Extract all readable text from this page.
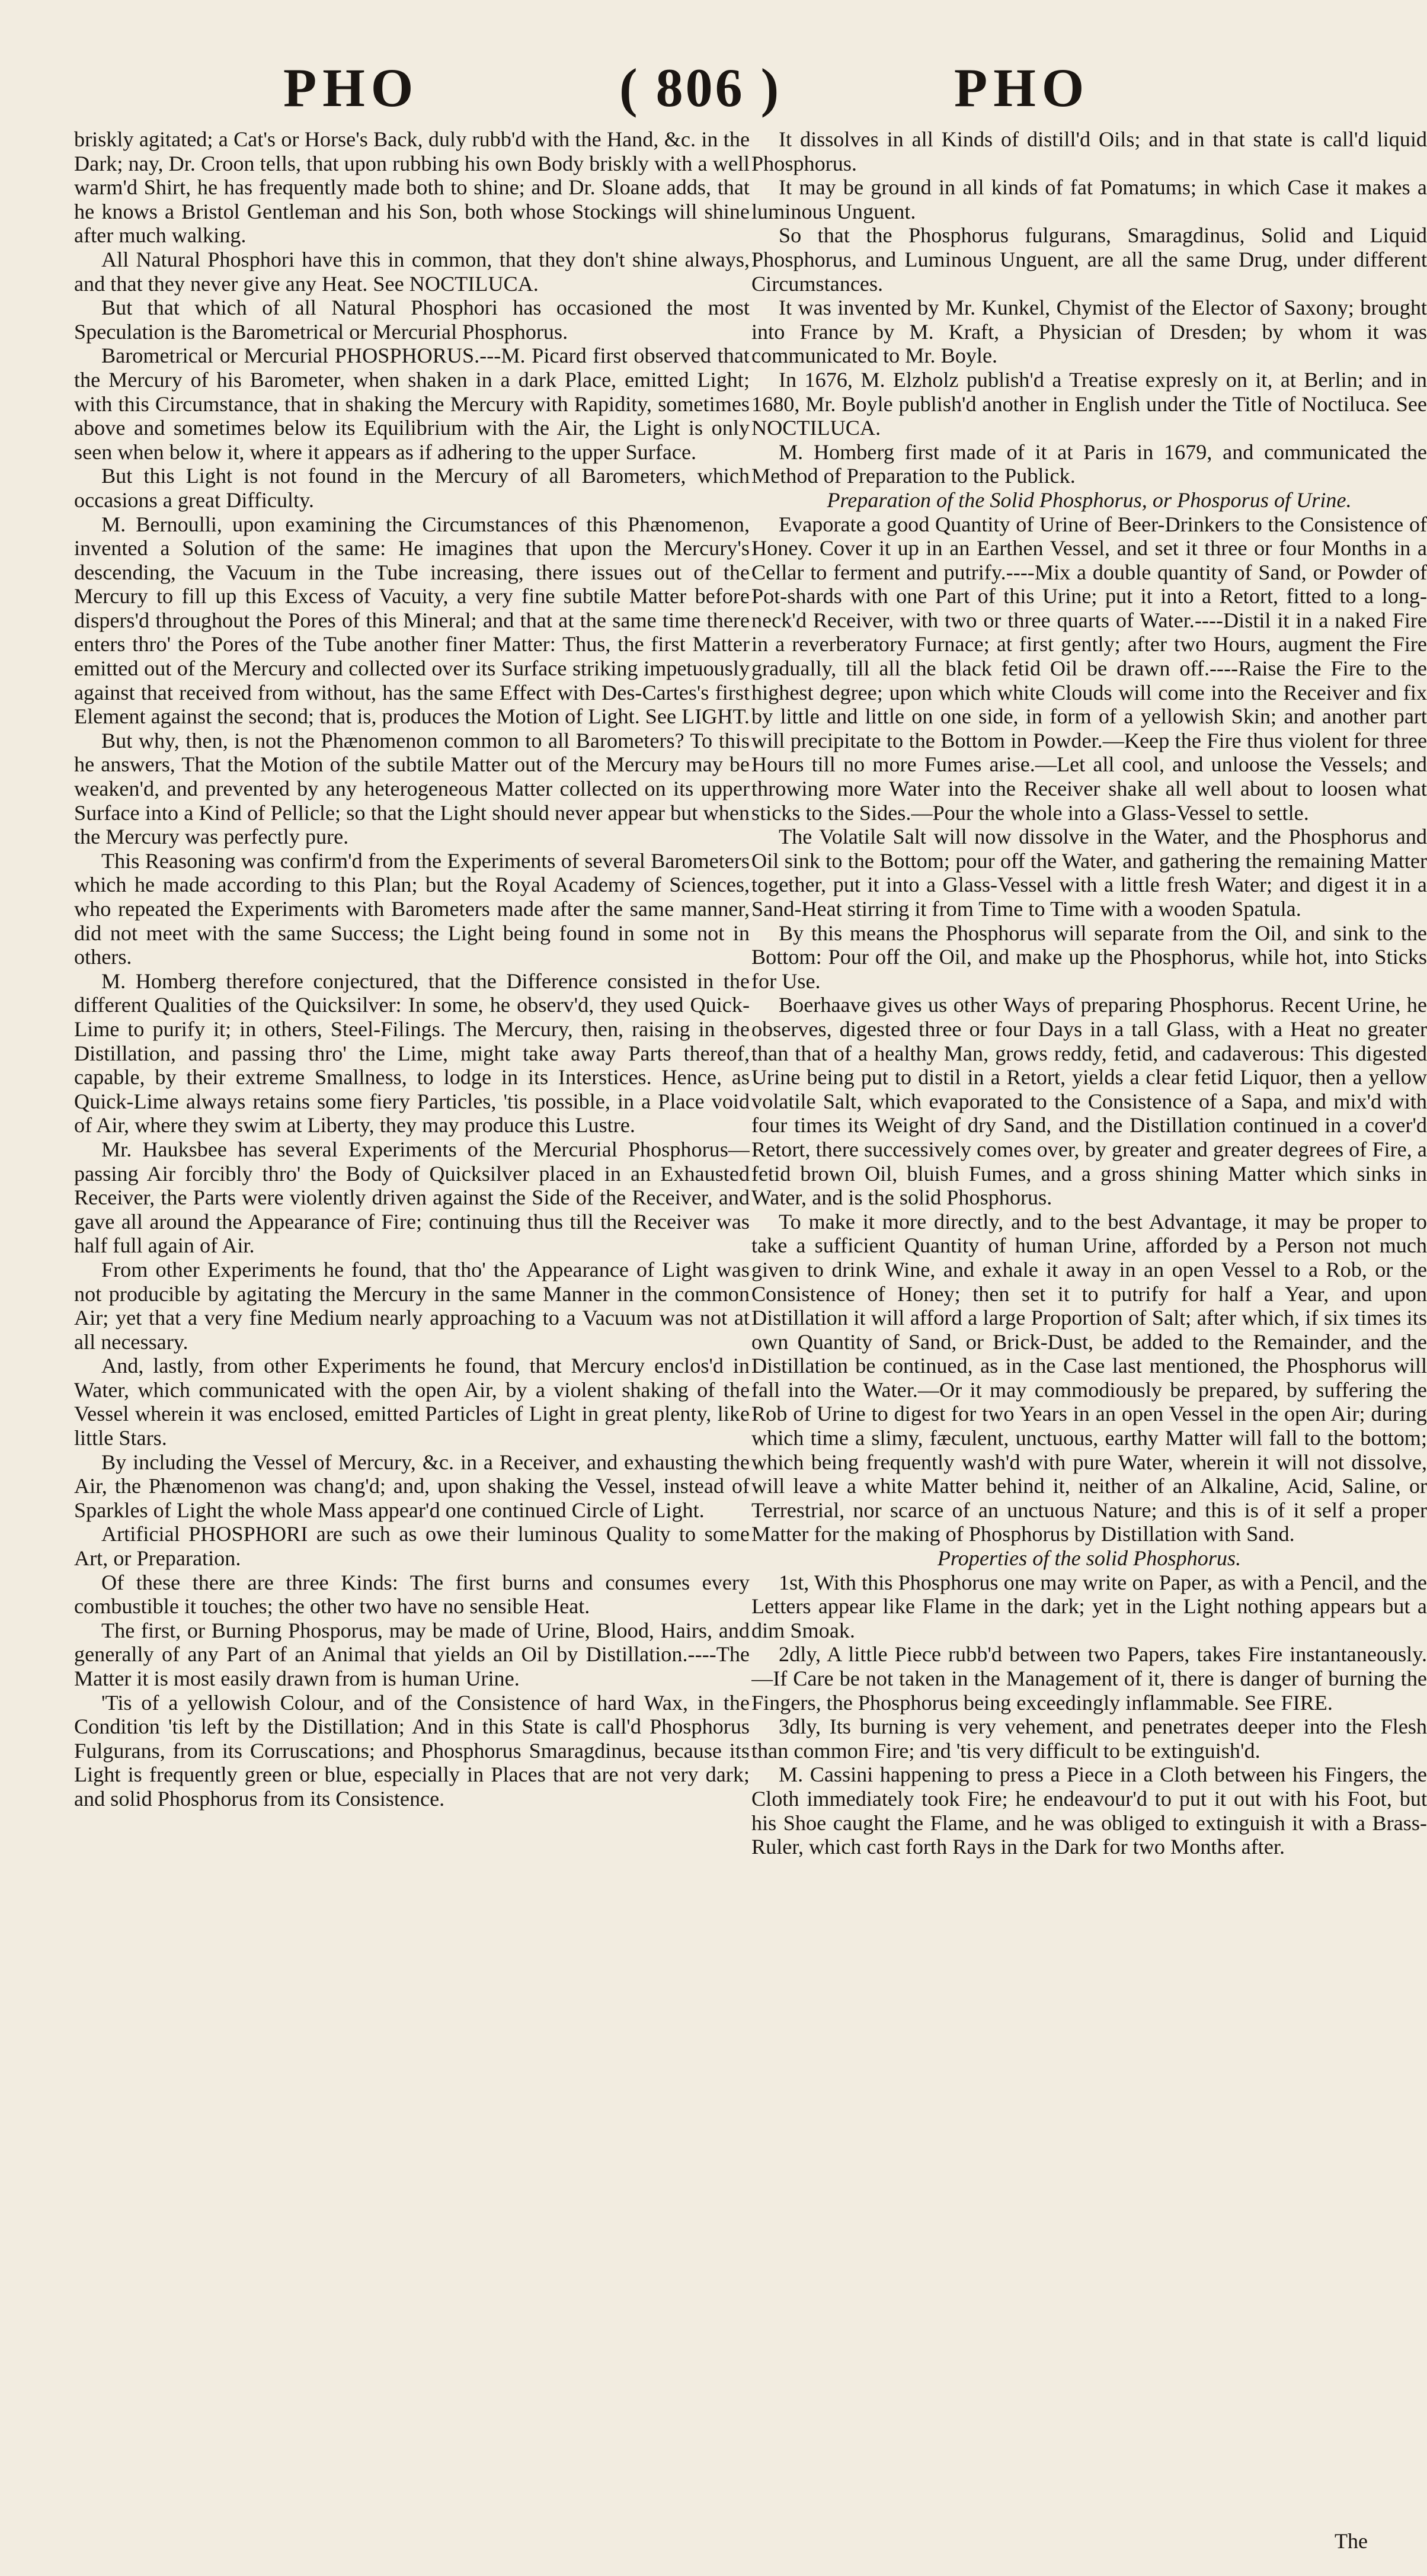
PHO	( 806 )	PHO

briskly agitated; a Cat's or Horse's Back, duly rubb'd with the Hand, &c. in the Dark; nay, Dr. Croon tells, that upon rubbing his own Body briskly with a well warm'd Shirt, he has frequently made both to shine; and Dr. Sloane adds, that he knows a Bristol Gentleman and his Son, both whose Stockings will shine after much walking.

All Natural Phosphori have this in common, that they don't shine always, and that they never give any Heat. See NOCTILUCA.

But that which of all Natural Phosphori has occasioned the most Speculation is the Barometrical or Mercurial Phosphorus.

Barometrical or Mercurial PHOSPHORUS.---M. Picard first observed that the Mercury of his Barometer, when shaken in a dark Place, emitted Light; with this Circumstance, that in shaking the Mercury with Rapidity, sometimes above and sometimes below its Equilibrium with the Air, the Light is only seen when below it, where it appears as if adhering to the upper Surface.

But this Light is not found in the Mercury of all Barometers, which occasions a great Difficulty.

M. Bernoulli, upon examining the Circumstances of this Phænomenon, invented a Solution of the same: He imagines that upon the Mercury's descending, the Vacuum in the Tube increasing, there issues out of the Mercury to fill up this Excess of Vacuity, a very fine subtile Matter before dispers'd throughout the Pores of this Mineral; and that at the same time there enters thro' the Pores of the Tube another finer Matter: Thus, the first Matter emitted out of the Mercury and collected over its Surface striking impetuously against that received from without, has the same Effect with Des-Cartes's first Element against the second; that is, produces the Motion of Light. See LIGHT.

But why, then, is not the Phænomenon common to all Barometers? To this he answers, That the Motion of the subtile Matter out of the Mercury may be weaken'd, and prevented by any heterogeneous Matter collected on its upper Surface into a Kind of Pellicle; so that the Light should never appear but when the Mercury was perfectly pure.

This Reasoning was confirm'd from the Experiments of several Barometers which he made according to this Plan; but the Royal Academy of Sciences, who repeated the Experiments with Barometers made after the same manner, did not meet with the same Success; the Light being found in some not in others.

M. Homberg therefore conjectured, that the Difference consisted in the different Qualities of the Quicksilver: In some, he observ'd, they used Quick-Lime to purify it; in others, Steel-Filings. The Mercury, then, raising in the Distillation, and passing thro' the Lime, might take away Parts thereof, capable, by their extreme Smallness, to lodge in its Interstices. Hence, as Quick-Lime always retains some fiery Particles, 'tis possible, in a Place void of Air, where they swim at Liberty, they may produce this Lustre.

Mr. Hauksbee has several Experiments of the Mercurial Phosphorus—passing Air forcibly thro' the Body of Quicksilver placed in an Exhausted Receiver, the Parts were violently driven against the Side of the Receiver, and gave all around the Appearance of Fire; continuing thus till the Receiver was half full again of Air.

From other Experiments he found, that tho' the Appearance of Light was not producible by agitating the Mercury in the same Manner in the common Air; yet that a very fine Medium nearly approaching to a Vacuum was not at all necessary.

And, lastly, from other Experiments he found, that Mercury enclos'd in Water, which communicated with the open Air, by a violent shaking of the Vessel wherein it was enclosed, emitted Particles of Light in great plenty, like little Stars.

By including the Vessel of Mercury, &c. in a Receiver, and exhausting the Air, the Phænomenon was chang'd; and, upon shaking the Vessel, instead of Sparkles of Light the whole Mass appear'd one continued Circle of Light.

Artificial PHOSPHORI are such as owe their luminous Quality to some Art, or Preparation.

Of these there are three Kinds: The first burns and consumes every combustible it touches; the other two have no sensible Heat.

The first, or Burning Phosporus, may be made of Urine, Blood, Hairs, and generally of any Part of an Animal that yields an Oil by Distillation.----The Matter it is most easily drawn from is human Urine.

'Tis of a yellowish Colour, and of the Consistence of hard Wax, in the Condition 'tis left by the Distillation; And in this State is call'd Phosphorus Fulgurans, from its Corruscations; and Phosphorus Smaragdinus, because its Light is frequently green or blue, especially in Places that are not very dark; and solid Phosphorus from its Consistence.

It dissolves in all Kinds of distill'd Oils; and in that state is call'd liquid Phosphorus.

It may be ground in all kinds of fat Pomatums; in which Case it makes a luminous Unguent.

So that the Phosphorus fulgurans, Smaragdinus, Solid and Liquid Phosphorus, and Luminous Unguent, are all the same Drug, under different Circumstances.

It was invented by Mr. Kunkel, Chymist of the Elector of Saxony; brought into France by M. Kraft, a Physician of Dresden; by whom it was communicated to Mr. Boyle.

In 1676, M. Elzholz publish'd a Treatise expresly on it, at Berlin; and in 1680, Mr. Boyle publish'd another in English under the Title of Noctiluca. See NOCTILUCA.

M. Homberg first made of it at Paris in 1679, and communicated the Method of Preparation to the Publick.

Preparation of the Solid Phosphorus, or Phosporus of Urine.

Evaporate a good Quantity of Urine of Beer-Drinkers to the Consistence of Honey. Cover it up in an Earthen Vessel, and set it three or four Months in a Cellar to ferment and putrify.----Mix a double quantity of Sand, or Powder of Pot-shards with one Part of this Urine; put it into a Retort, fitted to a long-neck'd Receiver, with two or three quarts of Water.----Distil it in a naked Fire in a reverberatory Furnace; at first gently; after two Hours, augment the Fire gradually, till all the black fetid Oil be drawn off.----Raise the Fire to the highest degree; upon which white Clouds will come into the Receiver and fix by little and little on one side, in form of a yellowish Skin; and another part will precipitate to the Bottom in Powder.—Keep the Fire thus violent for three Hours till no more Fumes arise.—Let all cool, and unloose the Vessels; and throwing more Water into the Receiver shake all well about to loosen what sticks to the Sides.—Pour the whole into a Glass-Vessel to settle.

The Volatile Salt will now dissolve in the Water, and the Phosphorus and Oil sink to the Bottom; pour off the Water, and gathering the remaining Matter together, put it into a Glass-Vessel with a little fresh Water; and digest it in a Sand-Heat stirring it from Time to Time with a wooden Spatula.

By this means the Phosphorus will separate from the Oil, and sink to the Bottom: Pour off the Oil, and make up the Phosphorus, while hot, into Sticks for Use.

Boerhaave gives us other Ways of preparing Phosphorus. Recent Urine, he observes, digested three or four Days in a tall Glass, with a Heat no greater than that of a healthy Man, grows reddy, fetid, and cadaverous: This digested Urine being put to distil in a Retort, yields a clear fetid Liquor, then a yellow volatile Salt, which evaporated to the Consistence of a Sapa, and mix'd with four times its Weight of dry Sand, and the Distillation continued in a cover'd Retort, there successively comes over, by greater and greater degrees of Fire, a fetid brown Oil, bluish Fumes, and a gross shining Matter which sinks in Water, and is the solid Phosphorus.

To make it more directly, and to the best Advantage, it may be proper to take a sufficient Quantity of human Urine, afforded by a Person not much given to drink Wine, and exhale it away in an open Vessel to a Rob, or the Consistence of Honey; then set it to putrify for half a Year, and upon Distillation it will afford a large Proportion of Salt; after which, if six times its own Quantity of Sand, or Brick-Dust, be added to the Remainder, and the Distillation be continued, as in the Case last mentioned, the Phosphorus will fall into the Water.—Or it may commodiously be prepared, by suffering the Rob of Urine to digest for two Years in an open Vessel in the open Air; during which time a slimy, fæculent, unctuous, earthy Matter will fall to the bottom; which being frequently wash'd with pure Water, wherein it will not dissolve, will leave a white Matter behind it, neither of an Alkaline, Acid, Saline, or Terrestrial, nor scarce of an unctuous Nature; and this is of it self a proper Matter for the making of Phosphorus by Distillation with Sand.

Properties of the solid Phosphorus.

1st, With this Phosphorus one may write on Paper, as with a Pencil, and the Letters appear like Flame in the dark; yet in the Light nothing appears but a dim Smoak.

2dly, A little Piece rubb'd between two Papers, takes Fire instantaneously.—If Care be not taken in the Management of it, there is danger of burning the Fingers, the Phosphorus being exceedingly inflammable. See FIRE.

3dly, Its burning is very vehement, and penetrates deeper into the Flesh than common Fire; and 'tis very difficult to be extinguish'd.

M. Cassini happening to press a Piece in a Cloth between his Fingers, the Cloth immediately took Fire; he endeavour'd to put it out with his Foot, but his Shoe caught the Flame, and he was obliged to extinguish it with a Brass-Ruler, which cast forth Rays in the Dark for two Months after.

The
